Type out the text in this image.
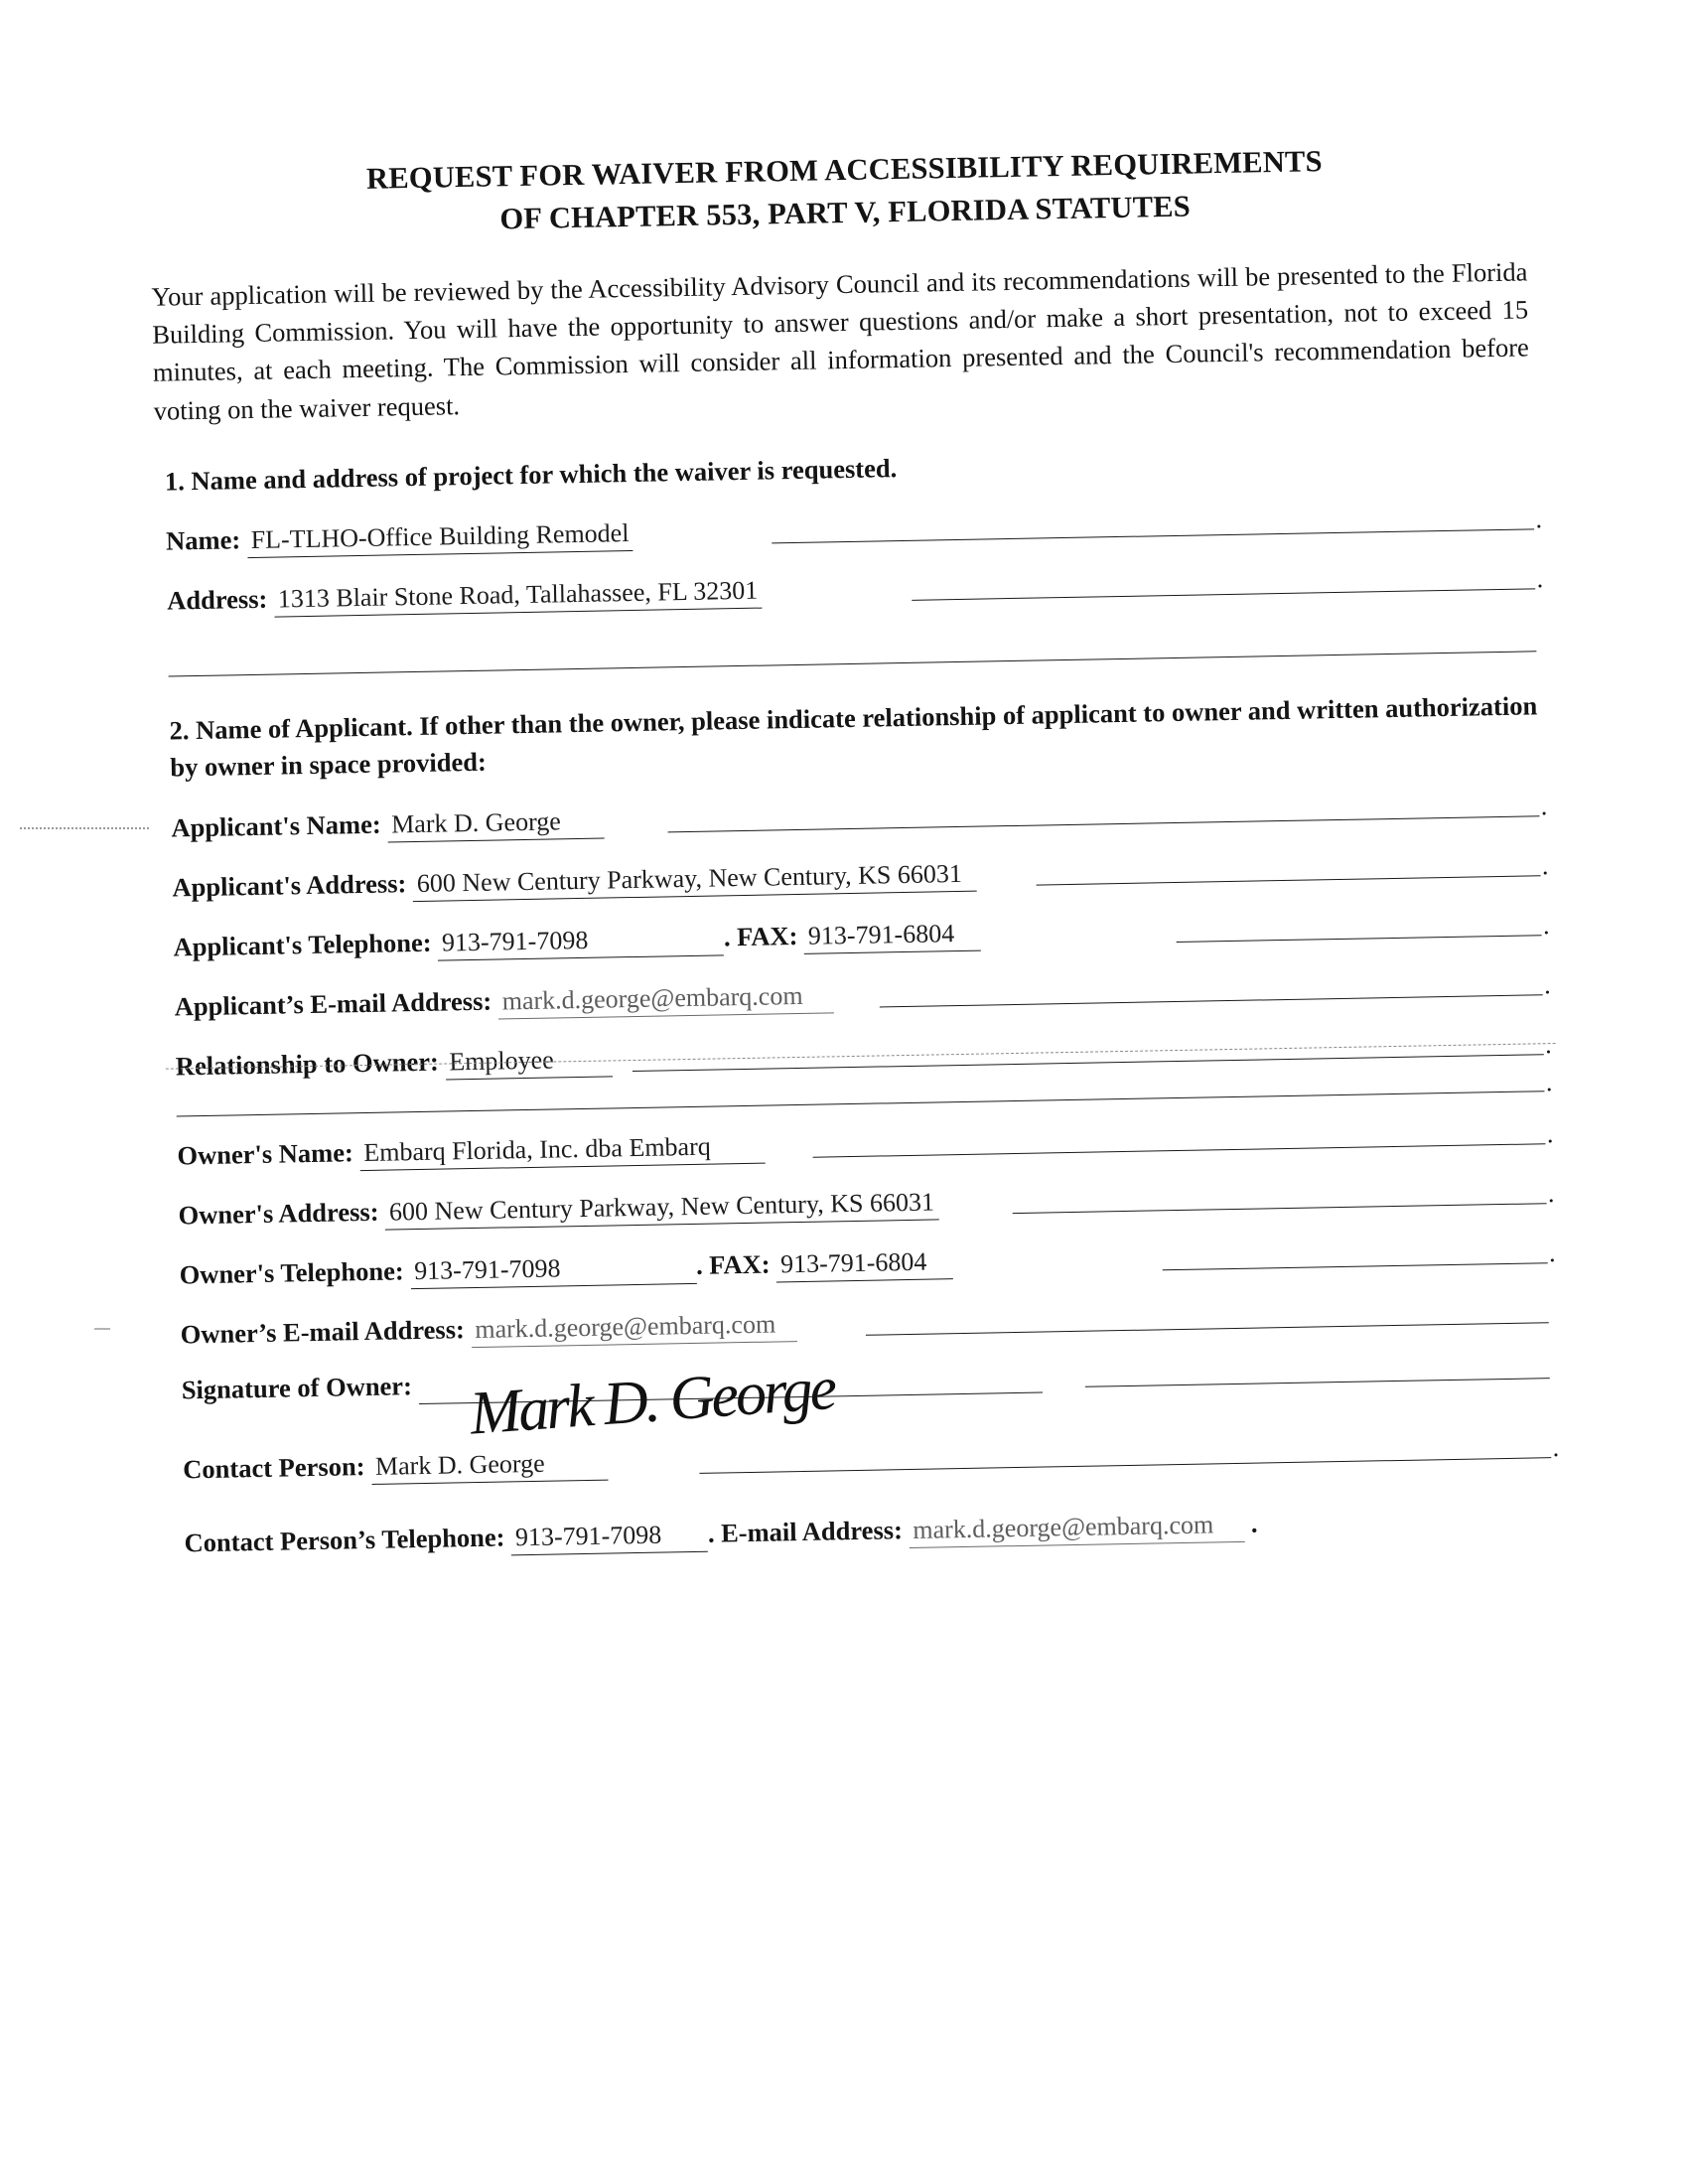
REQUEST FOR WAIVER FROM ACCESSIBILITY REQUIREMENTS
OF CHAPTER 553, PART V, FLORIDA STATUTES
Your application will be reviewed by the Accessibility Advisory Council and its recommendations will be presented to the Florida Building Commission. You will have the opportunity to answer questions and/or make a short presentation, not to exceed 15 minutes, at each meeting. The Commission will consider all information presented and the Council's recommendation before voting on the waiver request.
1. Name and address of project for which the waiver is requested.
Name: FL-TLHO-Office Building Remodel	.
Address: 1313 Blair Stone Road, Tallahassee, FL 32301	.
2. Name of Applicant. If other than the owner, please indicate relationship of applicant to owner and written authorization by owner in space provided:
Applicant's Name: Mark D. George
.
Applicant's Address: 600 New Century Parkway, New Century, KS 66031	.
Applicant's Telephone: 913-791-7098	. FAX: 913-791-6804	.
Applicant’s E-mail Address: mark.d.george@embarq.com	.
Relationship to Owner: Employee
.
.
Owner's Name: Embarq Florida, Inc. dba Embarq	.
Owner's Address: 600 New Century Parkway, New Century, KS 66031	.
Owner's Telephone: 913-791-7098	. FAX: 913-791-6804	.
Owner’s E-mail Address: mark.d.george@embarq.com
Signature of Owner: Mark D. George
Contact Person: Mark D. George
.
Contact Person’s Telephone: 913-791-7098 . E-mail Address: mark.d.george@embarq.com .
